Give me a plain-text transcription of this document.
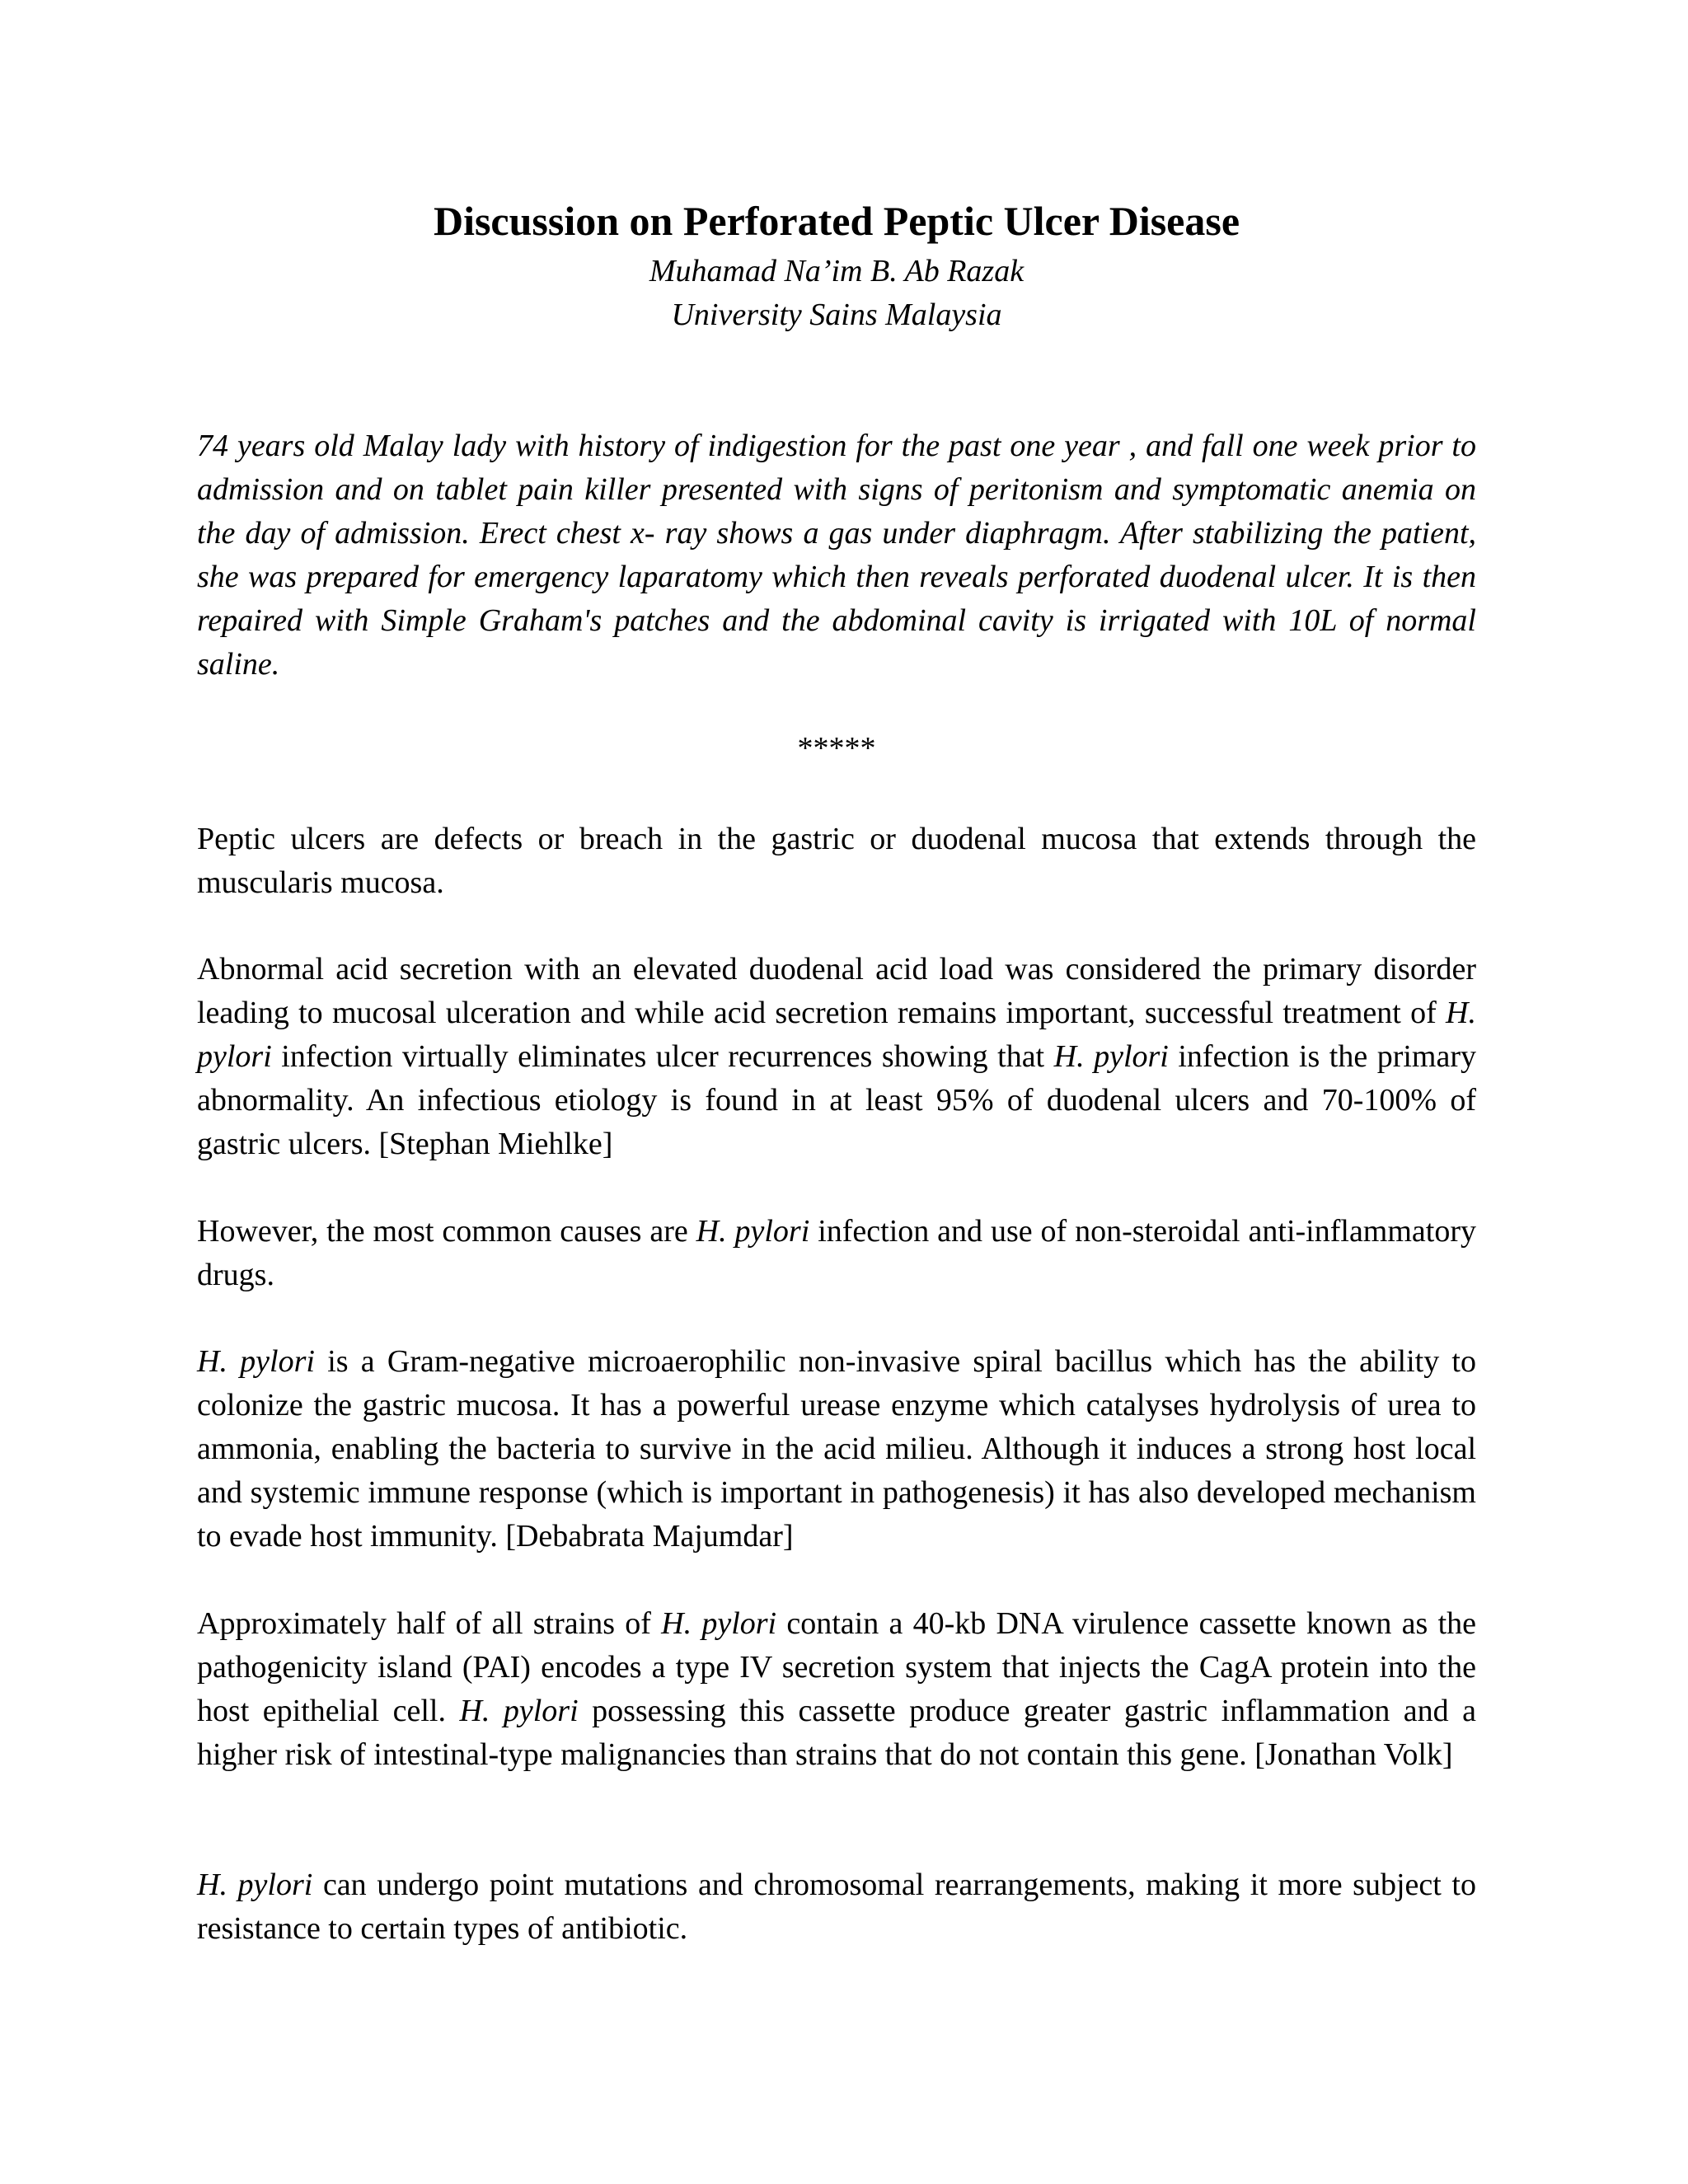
Discussion on Perforated Peptic Ulcer Disease

Muhamad Na’im B. Ab Razak

University Sains Malaysia

74 years old Malay lady with history of indigestion for the past one year , and fall one week prior to admission and on tablet pain killer presented with signs of peritonism and symptomatic anemia on the day of admission. Erect chest x- ray shows a gas under diaphragm. After stabilizing the patient, she was prepared for emergency laparatomy which then reveals perforated duodenal ulcer. It is then repaired with Simple Graham's patches and the abdominal cavity is irrigated with 10L of normal saline.

*****

Peptic ulcers are defects or breach in the gastric or duodenal mucosa that extends through the muscularis mucosa.

Abnormal acid secretion with an elevated duodenal acid load was considered the primary disorder leading to mucosal ulceration and while acid secretion remains important, successful treatment of H. pylori infection virtually eliminates ulcer recurrences showing that H. pylori infection is the primary abnormality. An infectious etiology is found in at least 95% of duodenal ulcers and 70-100% of gastric ulcers. [Stephan Miehlke]

However, the most common causes are H. pylori infection and use of non-steroidal anti-inflammatory drugs.

H. pylori is a Gram-negative microaerophilic non-invasive spiral bacillus which has the ability to colonize the gastric mucosa. It has a powerful urease enzyme which catalyses hydrolysis of urea to ammonia, enabling the bacteria to survive in the acid milieu. Although it induces a strong host local and systemic immune response (which is important in pathogenesis) it has also developed mechanism to evade host immunity. [Debabrata Majumdar]

Approximately half of all strains of H. pylori contain a 40-kb DNA virulence cassette known as the pathogenicity island (PAI) encodes a type IV secretion system that injects the CagA protein into the host epithelial cell. H. pylori possessing this cassette produce greater gastric inflammation and a higher risk of intestinal-type malignancies than strains that do not contain this gene. [Jonathan Volk]

H. pylori can undergo point mutations and chromosomal rearrangements, making it more subject to resistance to certain types of antibiotic.
